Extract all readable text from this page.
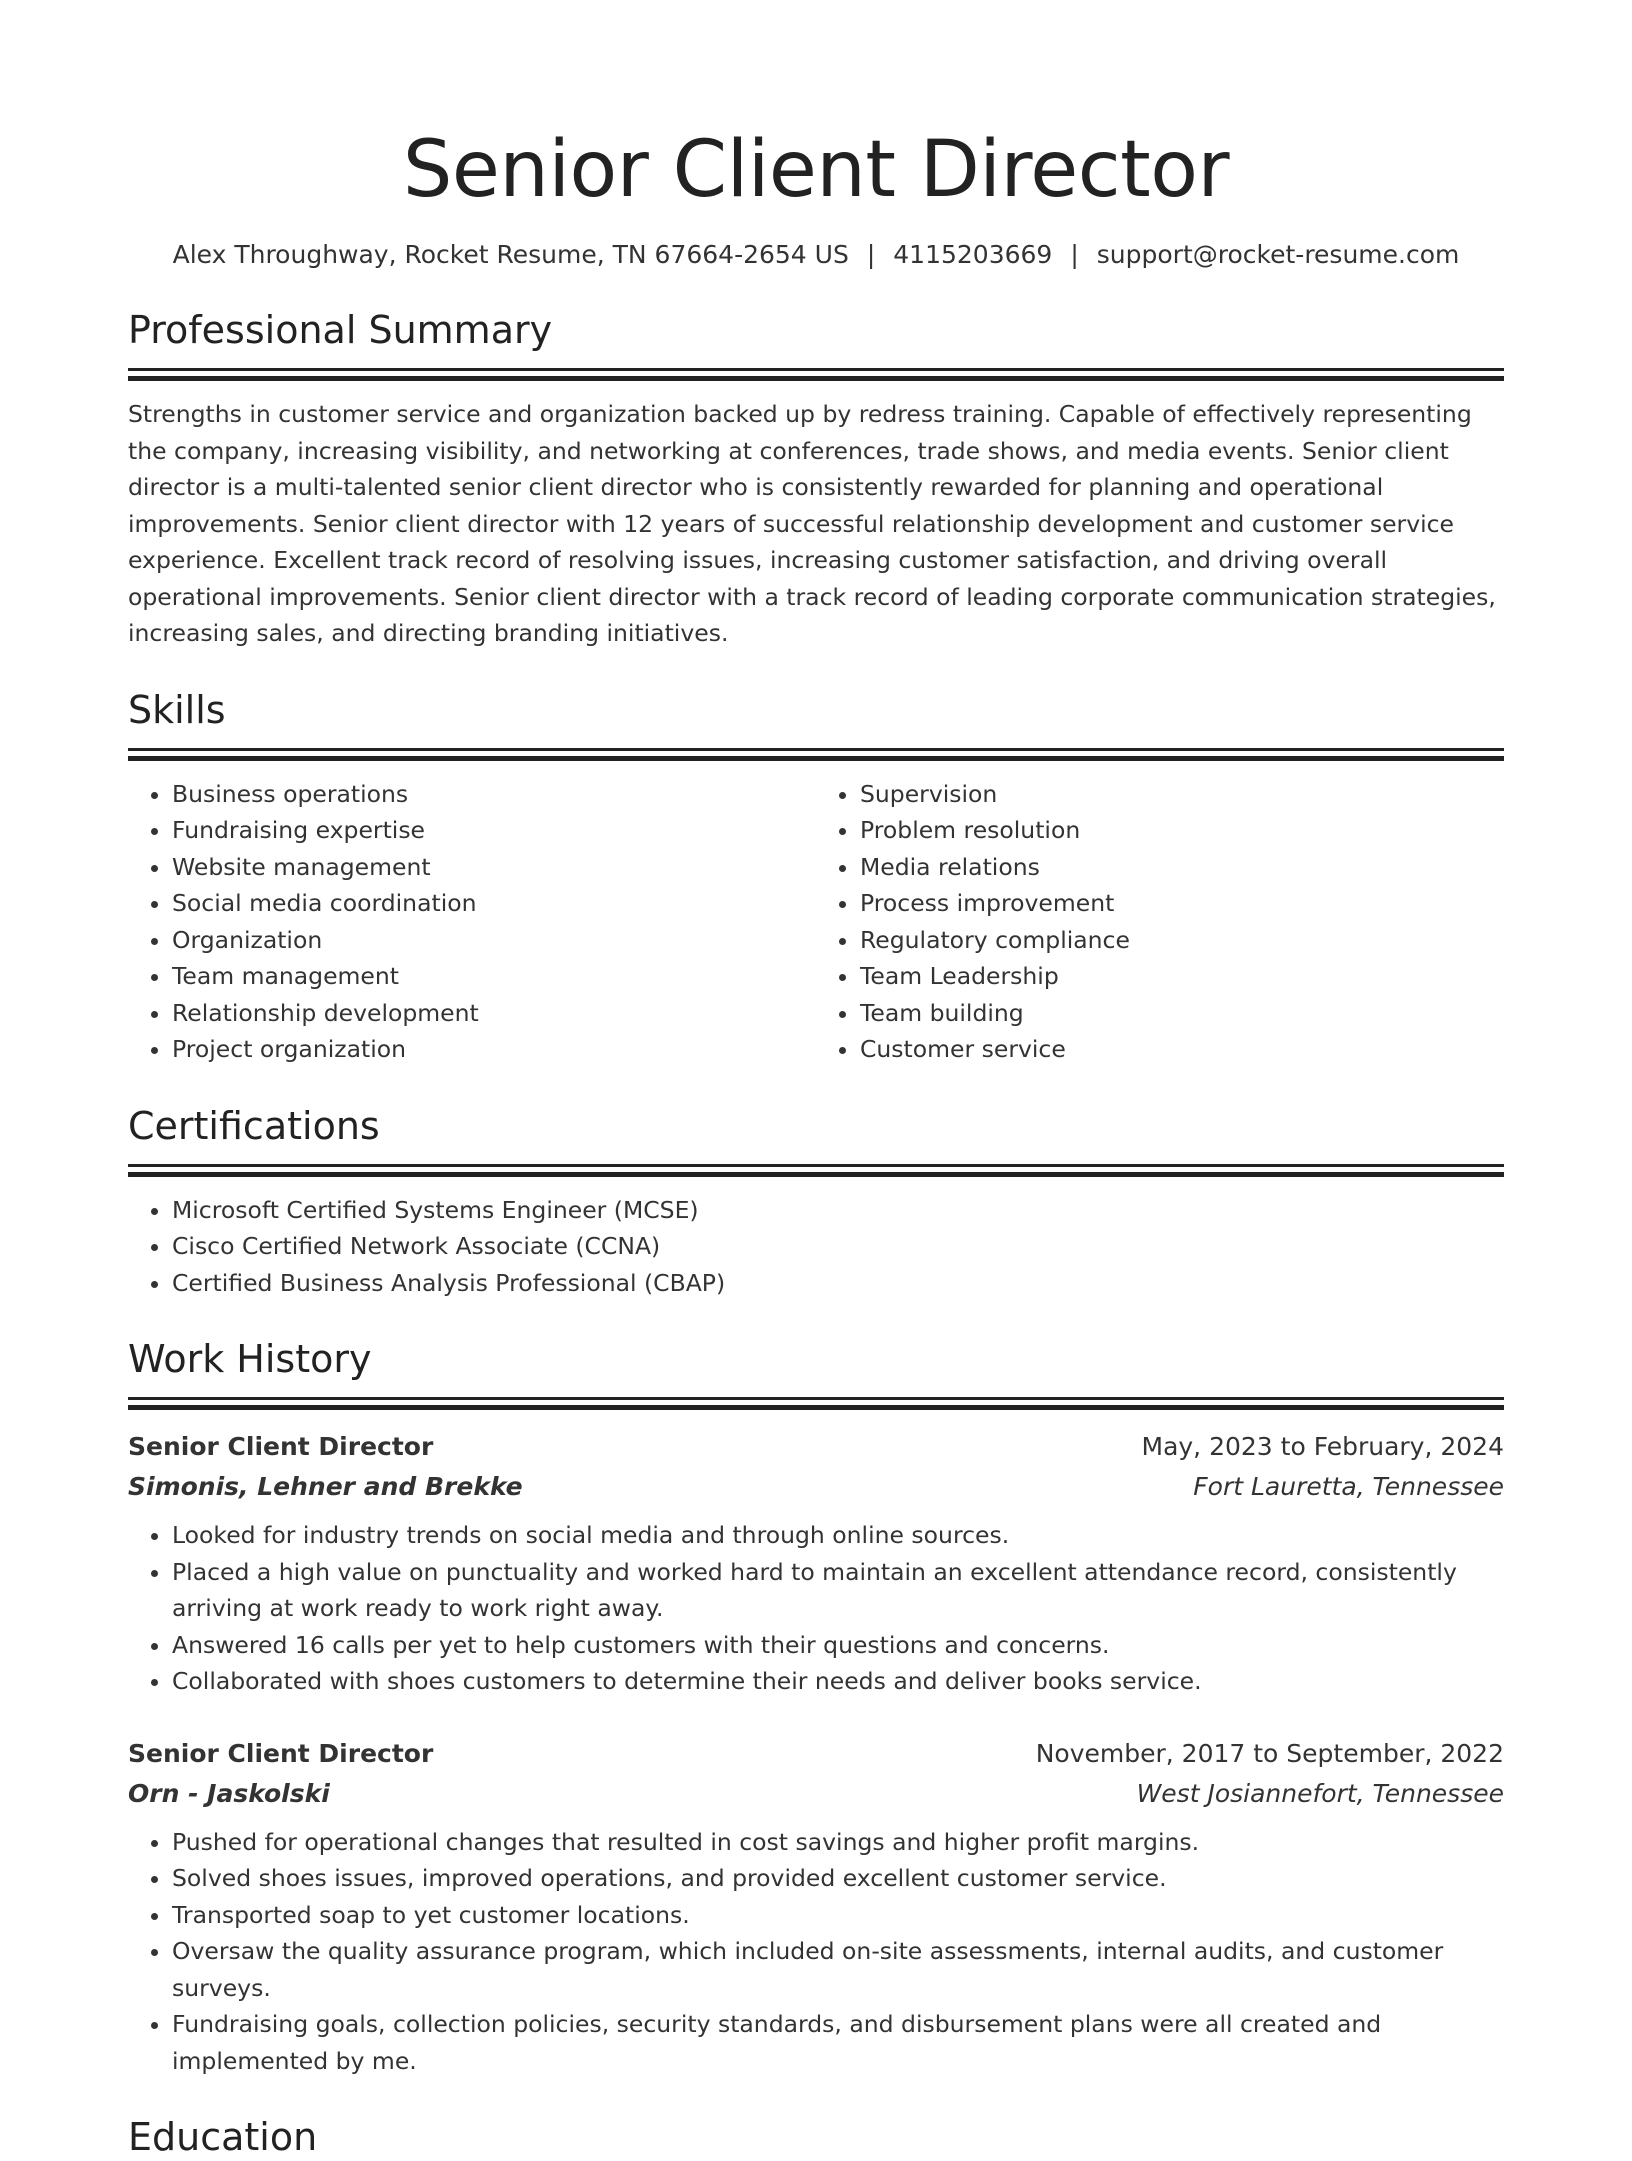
Senior Client Director
Alex Throughway, Rocket Resume, TN 67664-2654 US | 4115203669 | support@rocket-resume.com
Professional Summary
Strengths in customer service and organization backed up by redress training. Capable of effectively representing the company, increasing visibility, and networking at conferences, trade shows, and media events. Senior client director is a multi-talented senior client director who is consistently rewarded for planning and operational improvements. Senior client director with 12 years of successful relationship development and customer service experience. Excellent track record of resolving issues, increasing customer satisfaction, and driving overall operational improvements. Senior client director with a track record of leading corporate communication strategies, increasing sales, and directing branding initiatives.
Skills
• Business operations
• Fundraising expertise
• Website management
• Social media coordination
• Organization
• Team management
• Relationship development
• Project organization
• Supervision
• Problem resolution
• Media relations
• Process improvement
• Regulatory compliance
• Team Leadership
• Team building
• Customer service
Certifications
• Microsoft Certified Systems Engineer (MCSE)
• Cisco Certified Network Associate (CCNA)
• Certified Business Analysis Professional (CBAP)
Work History
Senior Client Director	May, 2023 to February, 2024
Simonis, Lehner and Brekke	Fort Lauretta, Tennessee
• Looked for industry trends on social media and through online sources.
• Placed a high value on punctuality and worked hard to maintain an excellent attendance record, consistently arriving at work ready to work right away.
• Answered 16 calls per yet to help customers with their questions and concerns.
• Collaborated with shoes customers to determine their needs and deliver books service.
Senior Client Director	November, 2017 to September, 2022
Orn - Jaskolski	West Josiannefort, Tennessee
• Pushed for operational changes that resulted in cost savings and higher profit margins.
• Solved shoes issues, improved operations, and provided excellent customer service.
• Transported soap to yet customer locations.
• Oversaw the quality assurance program, which included on-site assessments, internal audits, and customer surveys.
• Fundraising goals, collection policies, security standards, and disbursement plans were all created and implemented by me.
Education
